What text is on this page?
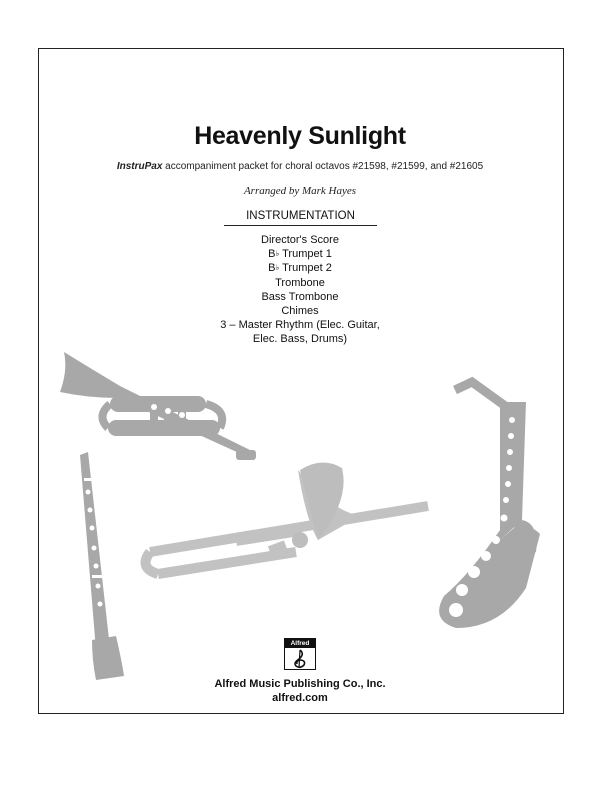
Heavenly Sunlight
InstruPax accompaniment packet for choral octavos #21598, #21599, and #21605
Arranged by Mark Hayes
INSTRUMENTATION
Director's Score
B♭ Trumpet 1
B♭ Trumpet 2
Trombone
Bass Trombone
Chimes
3 – Master Rhythm (Elec. Guitar,
Elec. Bass, Drums)
Alfred
Alfred Music Publishing Co., Inc.
alfred.com
